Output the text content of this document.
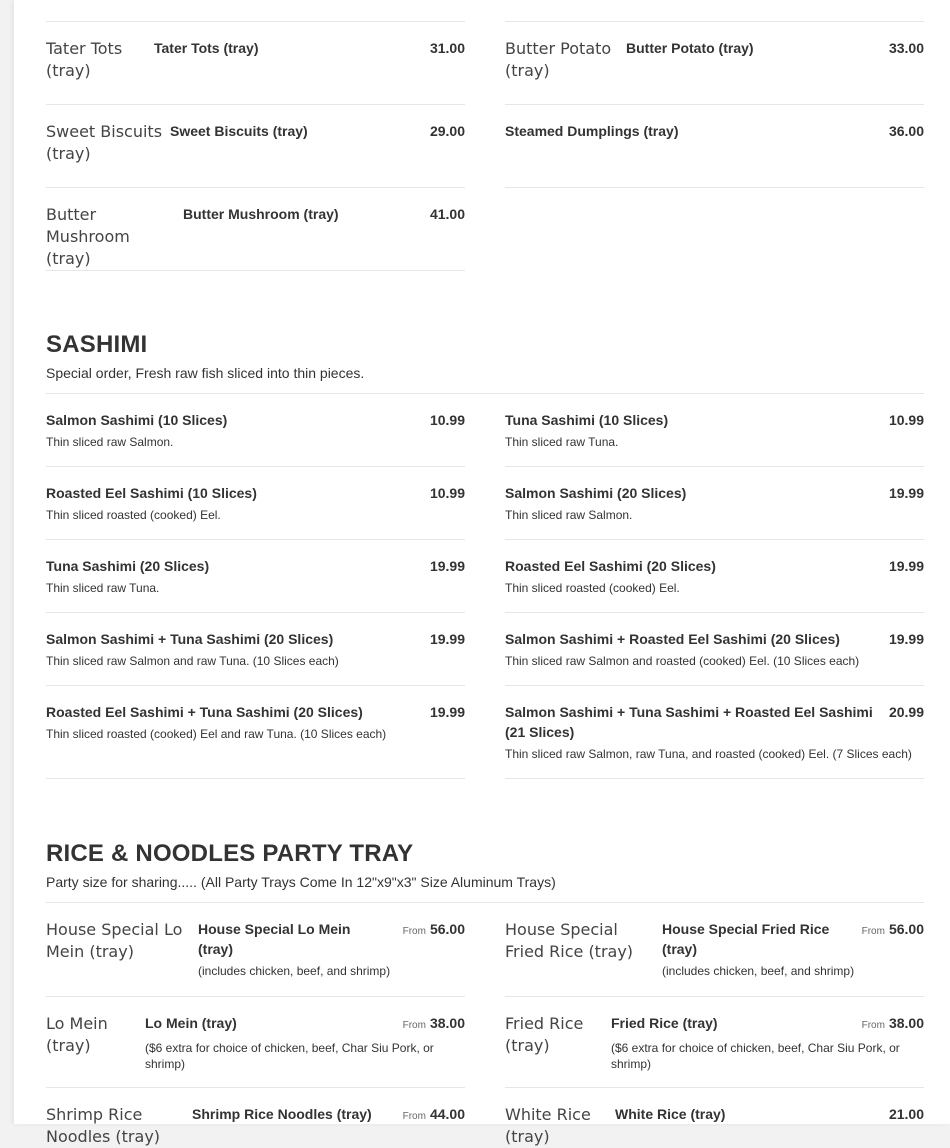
Tater Tots (tray)
Tater Tots (tray)	31.00
Sweet Biscuits (tray)
Sweet Biscuits (tray)	29.00
Butter Mushroom (tray)
Butter Mushroom (tray)	41.00
Butter Potato (tray)
Butter Potato (tray)	33.00
Steamed Dumplings (tray)	36.00
SASHIMI
Special order, Fresh raw fish sliced into thin pieces.
Salmon Sashimi (10 Slices)	10.99
Thin sliced raw Salmon.
Roasted Eel Sashimi (10 Slices)	10.99
Thin sliced roasted (cooked) Eel.
Tuna Sashimi (20 Slices)	19.99
Thin sliced raw Tuna.
Salmon Sashimi + Tuna Sashimi (20 Slices)	19.99
Thin sliced raw Salmon and raw Tuna. (10 Slices each)
Roasted Eel Sashimi + Tuna Sashimi (20 Slices)	19.99
Thin sliced roasted (cooked) Eel and raw Tuna. (10 Slices each)
Tuna Sashimi (10 Slices)	10.99
Thin sliced raw Tuna.
Salmon Sashimi (20 Slices)	19.99
Thin sliced raw Salmon.
Roasted Eel Sashimi (20 Slices)	19.99
Thin sliced roasted (cooked) Eel.
Salmon Sashimi + Roasted Eel Sashimi (20 Slices)	19.99
Thin sliced raw Salmon and roasted (cooked) Eel. (10 Slices each)
Salmon Sashimi + Tuna Sashimi + Roasted Eel Sashimi (21 Slices)
20.99
Thin sliced raw Salmon, raw Tuna, and roasted (cooked) Eel. (7 Slices each)
RICE & NOODLES PARTY TRAY
Party size for sharing..... (All Party Trays Come In 12"x9"x3" Size Aluminum Trays)
House Special Lo Mein (tray)
House Special Lo Mein (tray)
From 56.00
(includes chicken, beef, and shrimp)
Lo Mein (tray)
Lo Mein (tray)	From 38.00
($6 extra for choice of chicken, beef, Char Siu Pork, or shrimp)
Shrimp Rice Noodles (tray)
Shrimp Rice Noodles (tray)	From 44.00
House Special Fried Rice (tray)
House Special Fried Rice (tray)
From 56.00
(includes chicken, beef, and shrimp)
Fried Rice (tray)
Fried Rice (tray)	From 38.00
($6 extra for choice of chicken, beef, Char Siu Pork, or shrimp)
White Rice (tray)
White Rice (tray)	21.00
